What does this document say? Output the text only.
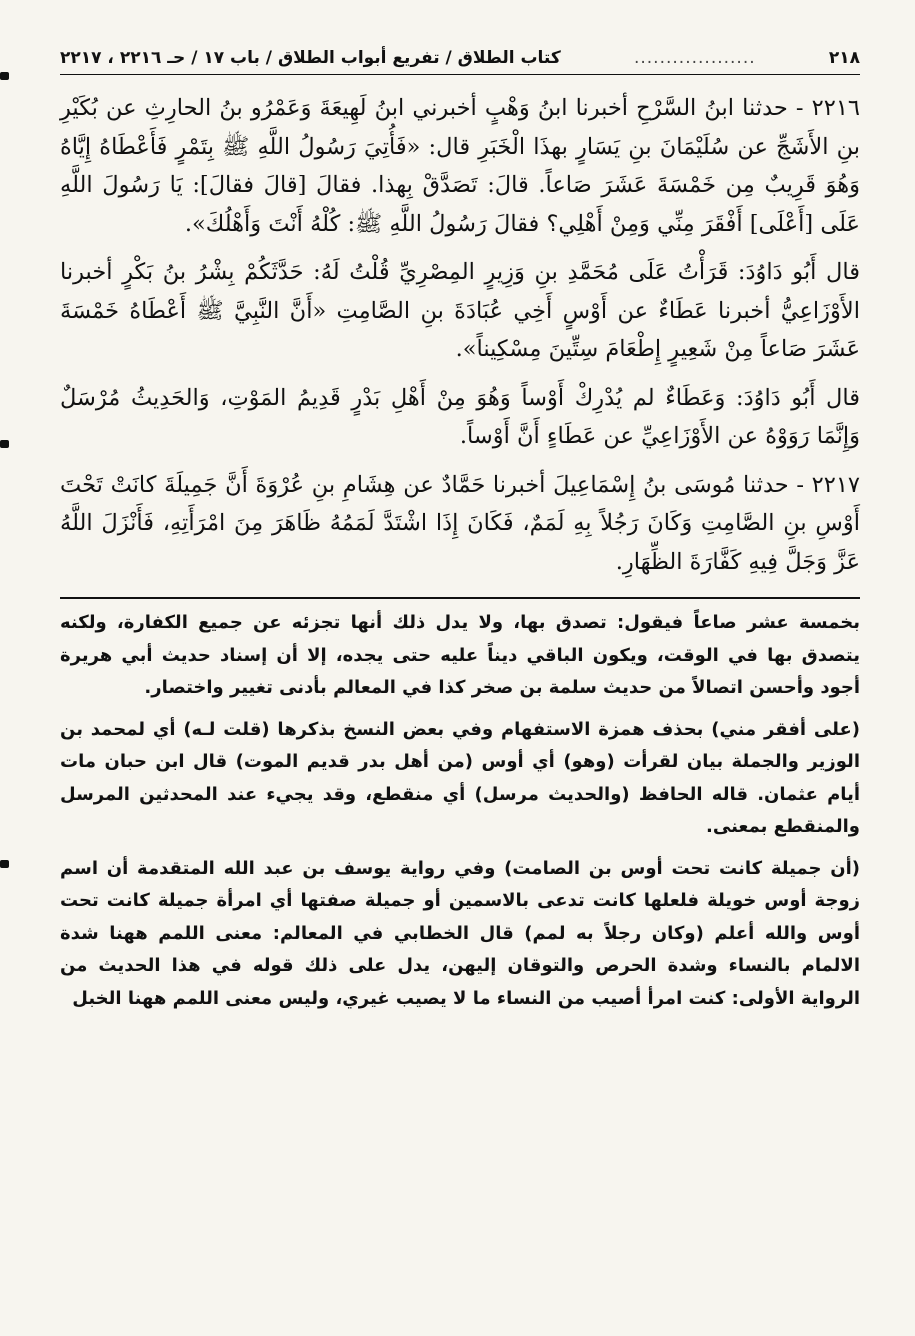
٢١٨
...................
كتاب الطلاق / تفريع أبواب الطلاق / باب ١٧ / حـ ٢٢١٦ ، ٢٢١٧

٢٢١٦ - حدثنا ابنُ السَّرْحِ أخبرنا ابنُ وَهْبٍ أخبرني ابنُ لَهِيعَةَ وَعَمْرُو بنُ الحارِثِ عن بُكَيْرِ بنِ الأَشَجِّ عن سُلَيْمَانَ بنِ يَسَارٍ بهذَا الْخَبَرِ قال: «فَأُتِيَ رَسُولُ اللَّهِ ﷺ بِتَمْرٍ فَأَعْطَاهُ إِيَّاهُ وَهُوَ قَرِيبٌ مِن خَمْسَةَ عَشَرَ صَاعاً. قالَ: تَصَدَّقْ بِهذا. فقالَ [قالَ فقالَ]: يَا رَسُولَ اللَّهِ عَلَى [أَعْلَى] أَفْقَرَ مِنِّي وَمِنْ أَهْلِي؟ فقالَ رَسُولُ اللَّهِ ﷺ: كُلْهُ أَنْتَ وَأَهْلُكَ».

قال أَبُو دَاوُدَ: قَرَأْتُ عَلَى مُحَمَّدِ بنِ وَزِيرٍ المِصْرِيِّ قُلْتُ لَهُ: حَدَّثَكُمْ بِشْرُ بنُ بَكْرٍ أخبرنا الأَوْزَاعِيُّ أخبرنا عَطَاءٌ عن أَوْسٍ أَخِي عُبَادَةَ بنِ الصَّامِتِ «أَنَّ النَّبِيَّ ﷺ أَعْطَاهُ خَمْسَةَ عَشَرَ صَاعاً مِنْ شَعِيرٍ إِطْعَامَ سِتِّينَ مِسْكِيناً».

قال أَبُو دَاوُدَ: وَعَطَاءٌ لم يُدْرِكْ أَوْساً وَهُوَ مِنْ أَهْلِ بَدْرٍ قَدِيمُ المَوْتِ، وَالحَدِيثُ مُرْسَلٌ وَإِنَّمَا رَوَوْهُ عن الأَوْزَاعِيِّ عن عَطَاءٍ أَنَّ أَوْساً.

٢٢١٧ - حدثنا مُوسَى بنُ إِسْمَاعِيلَ أخبرنا حَمَّادٌ عن هِشَامِ بنِ عُرْوَةَ أَنَّ جَمِيلَةَ كانَتْ تَحْتَ أَوْسِ بنِ الصَّامِتِ وَكَانَ رَجُلاً بِهِ لَمَمٌ، فَكَانَ إِذَا اشْتَدَّ لَمَمُهُ ظَاهَرَ مِنَ امْرَأَتِهِ، فَأَنْزَلَ اللَّهُ عَزَّ وَجَلَّ فِيهِ كَفَّارَةَ الظِّهَارِ.

بخمسة عشر صاعاً فيقول: تصدق بها، ولا يدل ذلك أنها تجزئه عن جميع الكفارة، ولكنه يتصدق بها في الوقت، ويكون الباقي ديناً عليه حتى يجده، إلا أن إسناد حديث أبي هريرة أجود وأحسن اتصالاً من حديث سلمة بن صخر كذا في المعالم بأدنى تغيير واختصار.

(على أفقر مني) بحذف همزة الاستفهام وفي بعض النسخ بذكرها (قلت لـه) أي لمحمد بن الوزير والجملة بيان لقرأت (وهو) أي أوس (من أهل بدر قديم الموت) قال ابن حبان مات أيام عثمان. قاله الحافظ (والحديث مرسل) أي منقطع، وقد يجيء عند المحدثين المرسل والمنقطع بمعنى.

(أن جميلة كانت تحت أوس بن الصامت) وفي رواية يوسف بن عبد الله المتقدمة أن اسم زوجة أوس خويلة فلعلها كانت تدعى بالاسمين أو جميلة صفتها أي امرأة جميلة كانت تحت أوس والله أعلم (وكان رجلاً به لمم) قال الخطابي في المعالم: معنى اللمم ههنا شدة الالمام بالنساء وشدة الحرص والتوقان إليهن، يدل على ذلك قوله في هذا الحديث من الرواية الأولى: كنت امرأ أصيب من النساء ما لا يصيب غيري، وليس معنى اللمم ههنا الخبل
